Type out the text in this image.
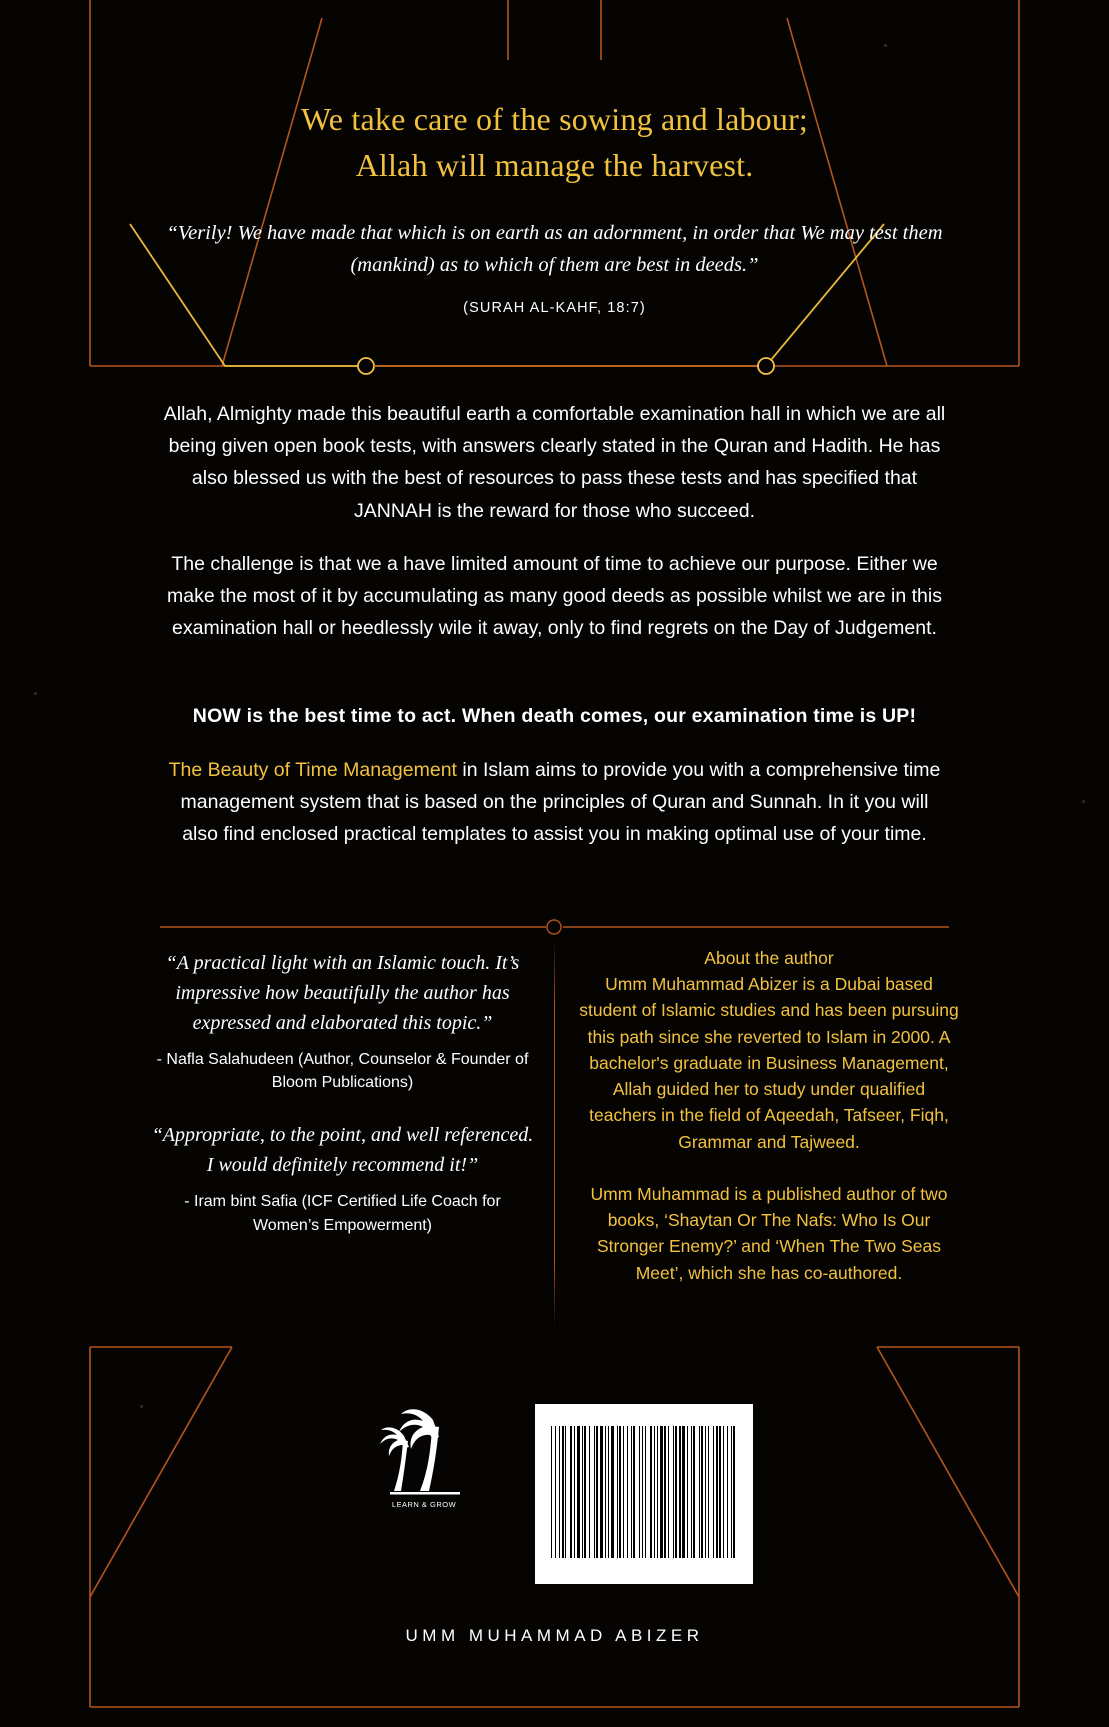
We take care of the sowing and labour;
Allah will manage the harvest.
“Verily! We have made that which is on earth as an adornment, in order that We may test them (mankind) as to which of them are best in deeds.”
(SURAH AL-KAHF, 18:7)
Allah, Almighty made this beautiful earth a comfortable examination hall in which we are all being given open book tests, with answers clearly stated in the Quran and Hadith. He has also blessed us with the best of resources to pass these tests and has specified that JANNAH is the reward for those who succeed.
The challenge is that we a have limited amount of time to achieve our purpose. Either we make the most of it by accumulating as many good deeds as possible whilst we are in this examination hall or heedlessly wile it away, only to find regrets on the Day of Judgement.
NOW is the best time to act. When death comes, our examination time is UP!
The Beauty of Time Management in Islam aims to provide you with a comprehensive time management system that is based on the principles of Quran and Sunnah. In it you will also find enclosed practical templates to assist you in making optimal use of your time.
“A practical light with an Islamic touch. It’s impressive how beautifully the author has expressed and elaborated this topic.”
- Nafla Salahudeen (Author, Counselor & Founder of Bloom Publications)
“Appropriate, to the point, and well referenced. I would definitely recommend it!”
- Iram bint Safia (ICF Certified Life Coach for Women’s Empowerment)
About the author
Umm Muhammad Abizer is a Dubai based student of Islamic studies and has been pursuing this path since she reverted to Islam in 2000. A bachelor's graduate in Business Management, Allah guided her to study under qualified teachers in the field of Aqeedah, Tafseer, Fiqh, Grammar and Tajweed.
Umm Muhammad is a published author of two books, ‘Shaytan Or The Nafs: Who Is Our Stronger Enemy?’ and ‘When The Two Seas Meet’, which she has co-authored.
LEARN & GROW
UMM MUHAMMAD ABIZER
